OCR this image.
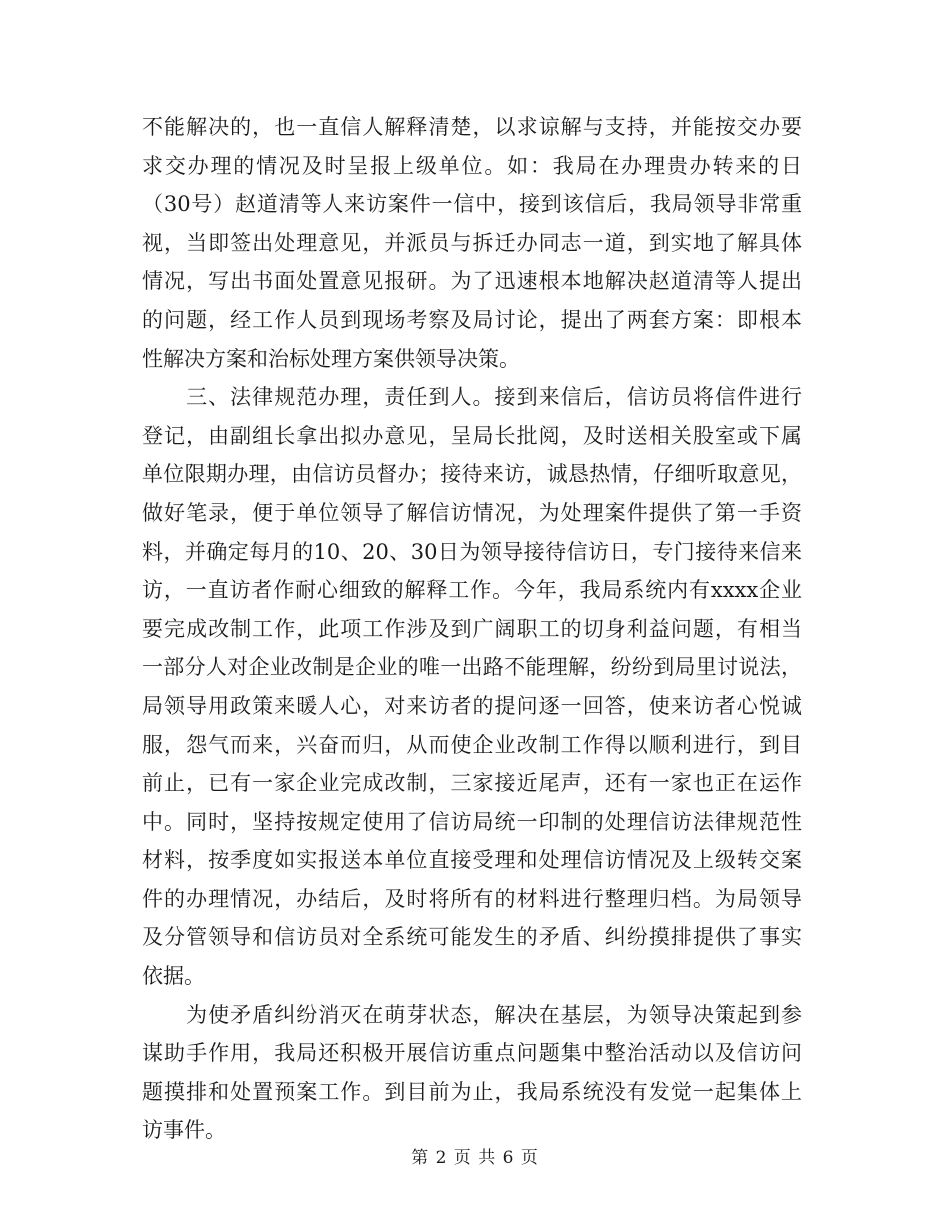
不能解决的，也一直信人解释清楚，以求谅解与支持，并能按交办要
求交办理的情况及时呈报上级单位。如：我局在办理贵办转来的日
（30号）赵道清等人来访案件一信中，接到该信后，我局领导非常重
视，当即签出处理意见，并派员与拆迁办同志一道，到实地了解具体
情况，写出书面处置意见报研。为了迅速根本地解决赵道清等人提出
的问题，经工作人员到现场考察及局讨论，提出了两套方案：即根本
性解决方案和治标处理方案供领导决策。
　　三、法律规范办理，责任到人。接到来信后，信访员将信件进行
登记，由副组长拿出拟办意见，呈局长批阅，及时送相关股室或下属
单位限期办理，由信访员督办；接待来访，诚恳热情，仔细听取意见，
做好笔录，便于单位领导了解信访情况，为处理案件提供了第一手资
料，并确定每月的10、20、30日为领导接待信访日，专门接待来信来
访，一直访者作耐心细致的解释工作。今年，我局系统内有xxxx企业
要完成改制工作，此项工作涉及到广阔职工的切身利益问题，有相当
一部分人对企业改制是企业的唯一出路不能理解，纷纷到局里讨说法，
局领导用政策来暖人心，对来访者的提问逐一回答，使来访者心悦诚
服，怨气而来，兴奋而归，从而使企业改制工作得以顺利进行，到目
前止，已有一家企业完成改制，三家接近尾声，还有一家也正在运作
中。同时，坚持按规定使用了信访局统一印制的处理信访法律规范性
材料，按季度如实报送本单位直接受理和处理信访情况及上级转交案
件的办理情况，办结后，及时将所有的材料进行整理归档。为局领导
及分管领导和信访员对全系统可能发生的矛盾、纠纷摸排提供了事实
依据。
　　为使矛盾纠纷消灭在萌芽状态，解决在基层，为领导决策起到参
谋助手作用，我局还积极开展信访重点问题集中整治活动以及信访问
题摸排和处置预案工作。到目前为止，我局系统没有发觉一起集体上
访事件。
第 2 页 共 6 页
